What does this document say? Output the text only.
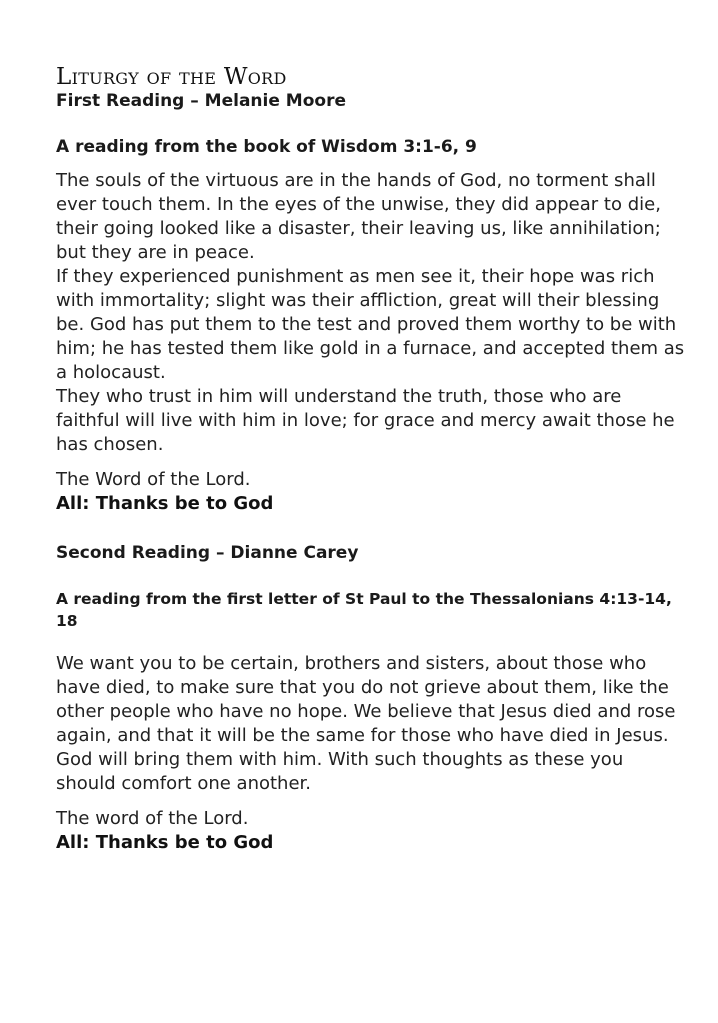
Liturgy of the Word

First Reading – Melanie Moore

A reading from the book of Wisdom 3:1-6, 9

The souls of the virtuous are in the hands of God, no torment shall ever touch them. In the eyes of the unwise, they did appear to die, their going looked like a disaster, their leaving us, like annihilation; but they are in peace.

If they experienced punishment as men see it, their hope was rich with immortality; slight was their affliction, great will their blessing be. God has put them to the test and proved them worthy to be with him; he has tested them like gold in a furnace, and accepted them as a holocaust.

They who trust in him will understand the truth, those who are faithful will live with him in love; for grace and mercy await those he has chosen.

The Word of the Lord.

All: Thanks be to God

Second Reading – Dianne Carey

A reading from the first letter of St Paul to the Thessalonians 4:13-14, 18

We want you to be certain, brothers and sisters, about those who have died, to make sure that you do not grieve about them, like the other people who have no hope. We believe that Jesus died and rose again, and that it will be the same for those who have died in Jesus. God will bring them with him. With such thoughts as these you should comfort one another.

The word of the Lord.

All: Thanks be to God
